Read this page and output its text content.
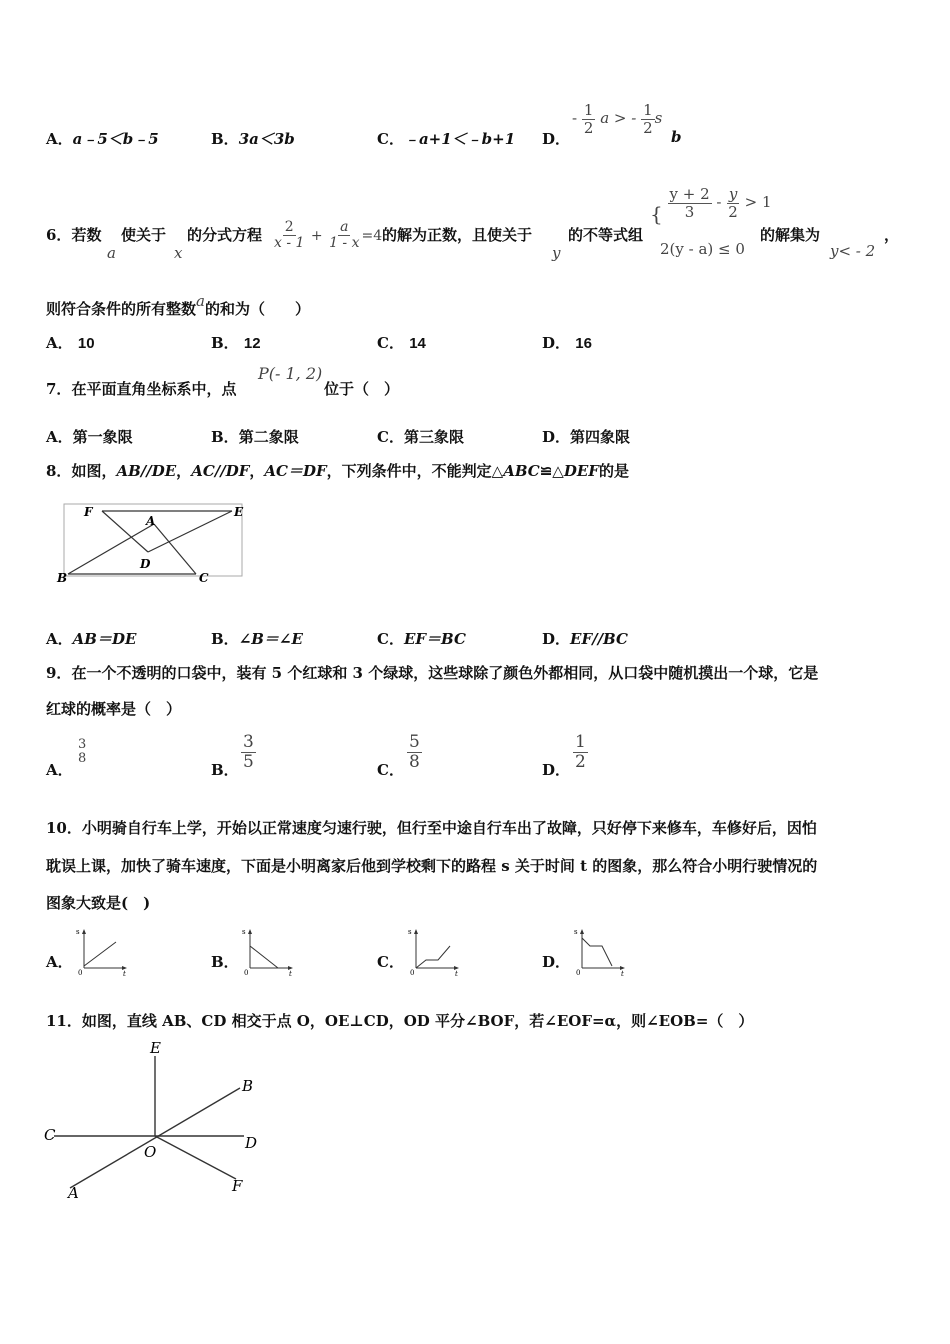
A．a﹣5＜b﹣5	B．3a＜3b	C．﹣a+1＜﹣b+1 D．
- $\frac{1}{2}$ a > - $\frac{1}{2}$ s
b
6．若数
a
使关于
x
的分式方程 $\frac{2}{x - 1} + \frac{a}{1 - x} =4$ 的解为正数，且使关于
y
的不等式组
{ $\frac{y + 2}{3} - \frac{y}{2} > 1$
2(y - a) ≤ 0
的解集为
y< - 2
，
则符合条件的所有整数a的和为（　　）
A． 10	B． 12	C． 14	D． 16
7．在平面直角坐标系中，点
P(- 1, 2)
位于（　）
A．第一象限	B．第二象限	C．第三象限	D．第四象限
8．如图，AB//DE，AC//DF，AC＝DF，下列条件中，不能判定△ABC≌△DEF的是
F
A
E
D
B	C
A．AB＝DE	B．∠B＝∠E	C．EF＝BC	D．EF//BC
9．在一个不透明的口袋中，装有 5 个红球和 3 个绿球，这些球除了颜色外都相同，从口袋中随机摸出一个球，它是
红球的概率是（　）
A．
3
8
B． $\frac{3}{5}$	C． $\frac{5}{8}$	D． $\frac{1}{2}$
10．小明骑自行车上学，开始以正常速度匀速行驶，但行至中途自行车出了故障，只好停下来修车，车修好后，因怕
耽误上课，加快了骑车速度，下面是小明离家后他到学校剩下的路程 s 关于时间 t 的图象，那么符合小明行驶情况的
图象大致是(　)
A．
s
t
0
B．
s
t
0
C．
s
t
0
D．
s
t
0
11．如图，直线 AB、CD 相交于点 O，OE⊥CD，OD 平分∠BOF，若∠EOF=α，则∠EOB=（　）
E
B
C	D
O
A	F
